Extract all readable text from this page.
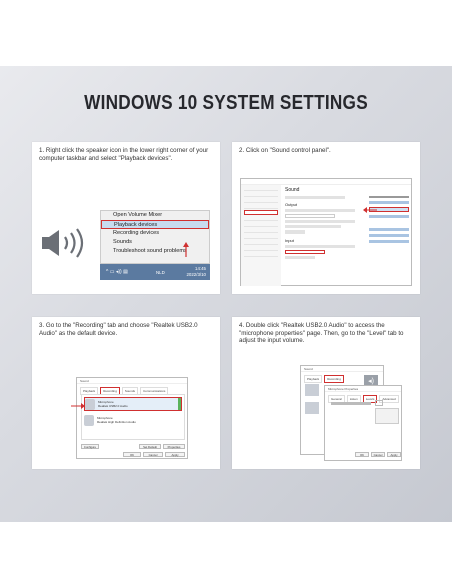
WINDOWS 10 SYSTEM SETTINGS
1. Right click the speaker icon in the lower right corner of your computer taskbar and select "Playback devices".
Open Volume Mixer
Playback devices
Recording devices
Sounds
Troubleshoot sound problems
^ ▭ ◂)) ▤	NLD
14:45
2022/3/10
2. Click on "Sound control panel".
Sound
Output
Input
3. Go to the "Recording" tab and choose "Realtek USB2.0 Audio" as the default device.
Sound
Playback	Recording	Sounds	Communications
Microphone
Realtek USB2.0 Audio
Microphone
Realtek High Definition Audio
Configure	Set Default	Properties
OK	Cancel	Apply
4. Double click "Realtek USB2.0 Audio" to access the "microphone properties" page. Then, go to the "Level" tab to adjust the input volume.
Sound
Playback	Recording	◂)
Microphone Properties
General	Listen	Levels	Advanced
OK	Cancel	Apply
